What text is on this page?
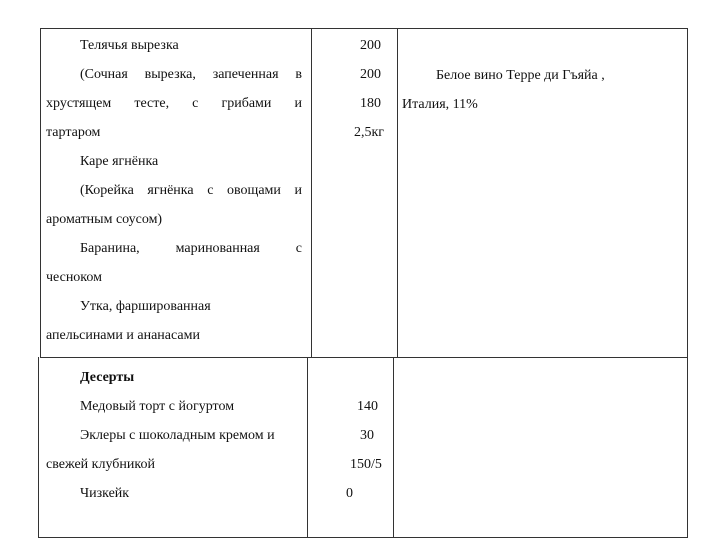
Телячья вырезка
(Сочная вырезка, запеченная в
хрустящем тесте, с грибами и
тартаром
Каре ягнёнка
(Корейка ягнёнка с овощами и
ароматным соусом)
Баранина, маринованная с
чесноком
Утка, фаршированная
апельсинами и ананасами
200
200
180
2,5кг
Белое вино Терре ди Гъяйа ,
Италия, 11%
Десерты
Медовый торт с йогуртом
Эклеры с шоколадным кремом и
свежей клубникой
Чизкейк
140
30
150/5
0
